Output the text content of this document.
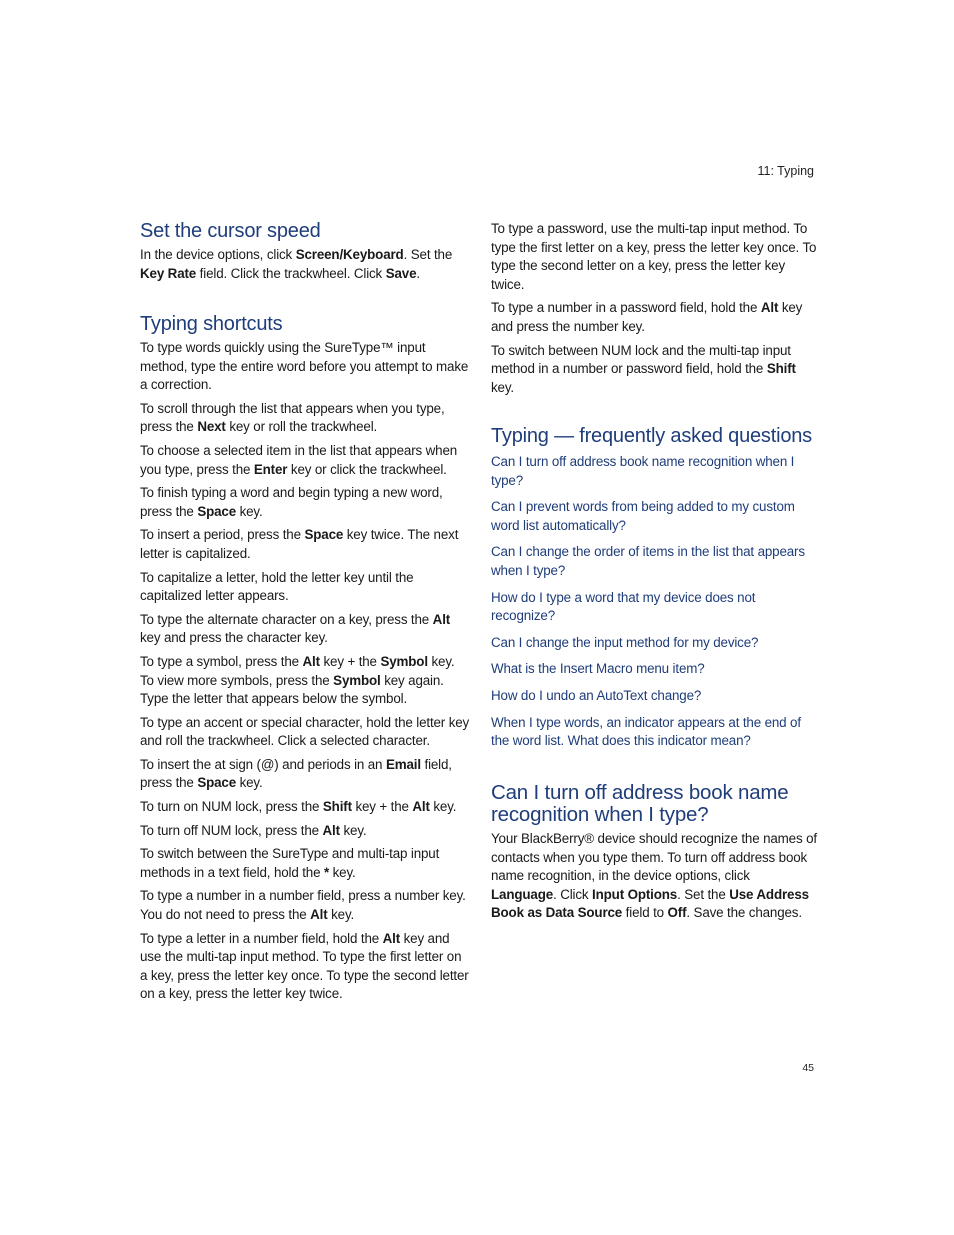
11: Typing
Set the cursor speed

In the device options, click Screen/Keyboard. Set the Key Rate field. Click the trackwheel. Click Save.

Typing shortcuts

To type words quickly using the SureType™ input method, type the entire word before you attempt to make a correction.

To scroll through the list that appears when you type, press the Next key or roll the trackwheel.

To choose a selected item in the list that appears when you type, press the Enter key or click the trackwheel.

To finish typing a word and begin typing a new word, press the Space key.

To insert a period, press the Space key twice. The next letter is capitalized.

To capitalize a letter, hold the letter key until the capitalized letter appears.

To type the alternate character on a key, press the Alt key and press the character key.

To type a symbol, press the Alt key + the Symbol key. To view more symbols, press the Symbol key again. Type the letter that appears below the symbol.

To type an accent or special character, hold the letter key and roll the trackwheel. Click a selected character.

To insert the at sign (@) and periods in an Email field, press the Space key.

To turn on NUM lock, press the Shift key + the Alt key.

To turn off NUM lock, press the Alt key.

To switch between the SureType and multi-tap input methods in a text field, hold the * key.

To type a number in a number field, press a number key. You do not need to press the Alt key.

To type a letter in a number field, hold the Alt key and use the multi-tap input method. To type the first letter on a key, press the letter key once. To type the second letter on a key, press the letter key twice.

To type a password, use the multi-tap input method. To type the first letter on a key, press the letter key once. To type the second letter on a key, press the letter key twice.

To type a number in a password field, hold the Alt key and press the number key.

To switch between NUM lock and the multi-tap input method in a number or password field, hold the Shift key.

Typing — frequently asked questions
Can I turn off address book name recognition when I type?
Can I prevent words from being added to my custom word list automatically?
Can I change the order of items in the list that appears when I type?
How do I type a word that my device does not recognize?
Can I change the input method for my device?
What is the Insert Macro menu item?
How do I undo an AutoText change?
When I type words, an indicator appears at the end of the word list. What does this indicator mean?
Can I turn off address book name recognition when I type?

Your BlackBerry® device should recognize the names of contacts when you type them. To turn off address book name recognition, in the device options, click Language. Click Input Options. Set the Use Address Book as Data Source field to Off. Save the changes.

45
